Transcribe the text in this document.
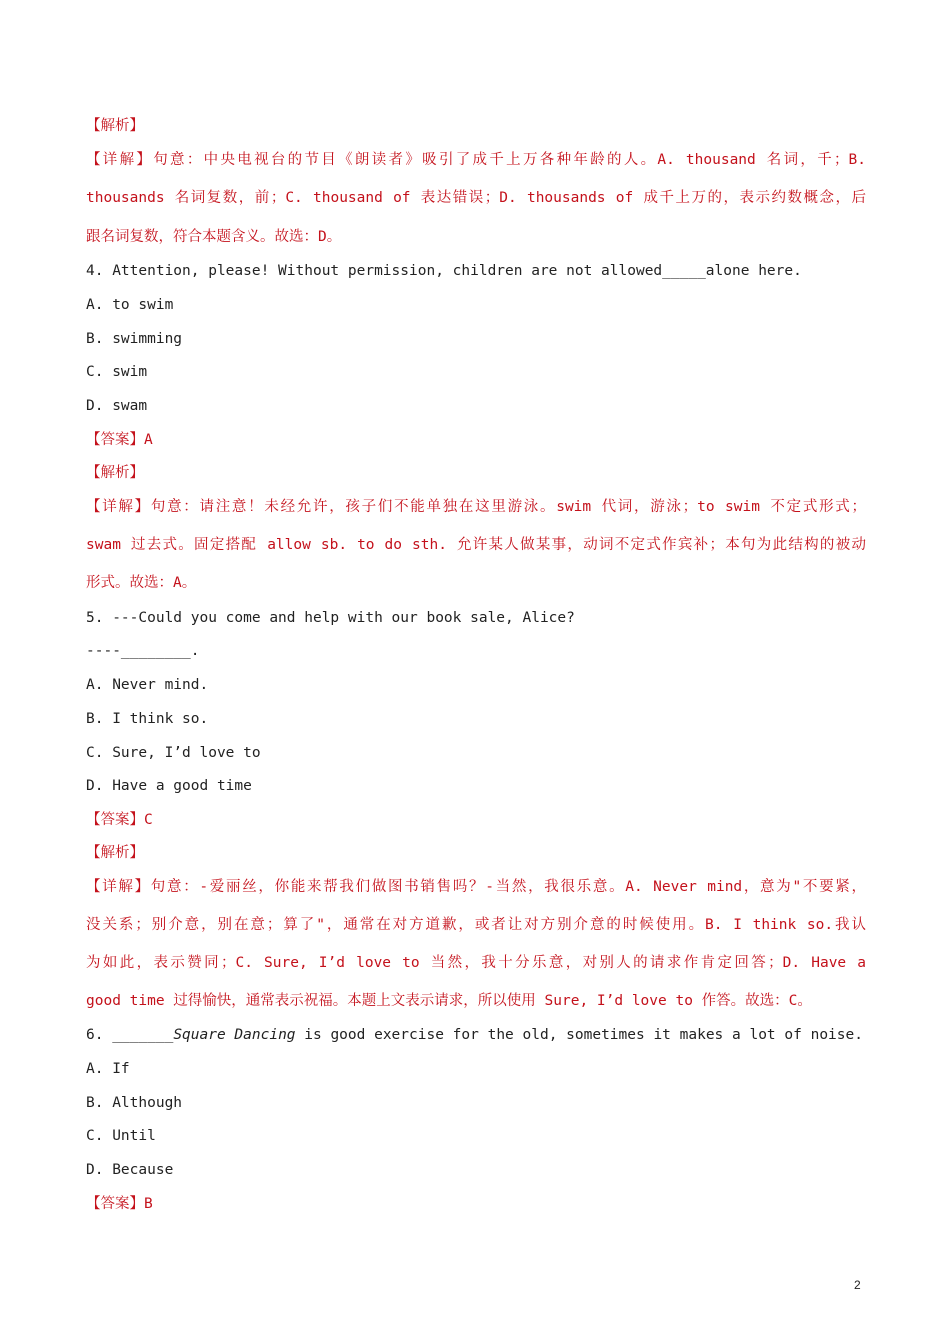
【解析】
【详解】句意：中央电视台的节目《朗读者》吸引了成千上万各种年龄的人。A. thousand 名词，千；B.
thousands 名词复数，前；C. thousand of 表达错误；D. thousands of 成千上万的，表示约数概念，后
跟名词复数，符合本题含义。故选：D。
4. Attention, please! Without permission, children are not allowed_____alone here.
A. to swim
B. swimming
C. swim
D. swam
【答案】A
【解析】
【详解】句意：请注意！未经允许，孩子们不能单独在这里游泳。swim 代词，游泳；to swim 不定式形式；
swam 过去式。固定搭配 allow sb. to do sth. 允许某人做某事，动词不定式作宾补；本句为此结构的被动
形式。故选：A。
5. ---Could you come and help with our book sale, Alice?
----________.
A. Never mind.
B. I think so.
C. Sure, I’d love to
D. Have a good time
【答案】C
【解析】
【详解】句意：-爱丽丝，你能来帮我们做图书销售吗？-当然，我很乐意。A. Never mind，意为"不要紧，
没关系；别介意，别在意；算了"，通常在对方道歉，或者让对方别介意的时候使用。B. I think so.我认
为如此，表示赞同；C. Sure, I’d love to 当然，我十分乐意，对别人的请求作肯定回答；D. Have a
good time 过得愉快，通常表示祝福。本题上文表示请求，所以使用 Sure, I’d love to 作答。故选：C。
6. _______Square Dancing is good exercise for the old, sometimes it makes a lot of noise.
A. If
B. Although
C. Until
D. Because
【答案】B
2
